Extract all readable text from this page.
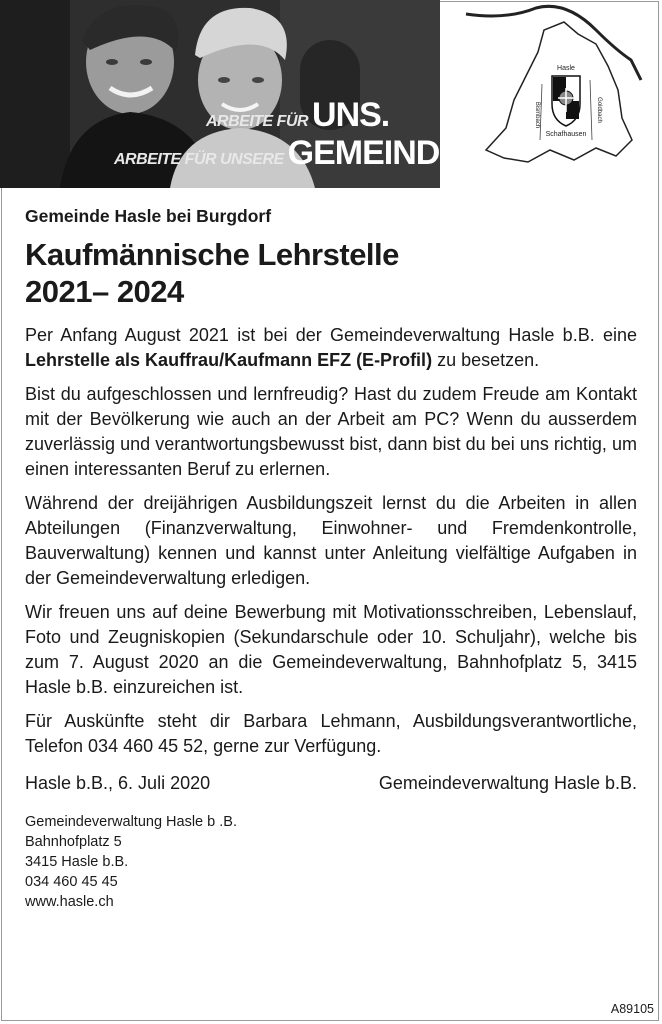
ARBEITE FÜR UNS.
ARBEITE FÜR UNSERE GEMEINDE.
Hasle
Bismbach	Goldbach
Schafhausen
Gemeinde Hasle bei Burgdorf
Kaufmännische Lehrstelle
2021– 2024

Per Anfang August 2021 ist bei der Gemeindeverwaltung Hasle b.B. eine Lehrstelle als Kauffrau/Kaufmann EFZ (E-Profil) zu besetzen.

Bist du aufgeschlossen und lernfreudig? Hast du zudem Freude am Kontakt mit der Bevölkerung wie auch an der Arbeit am PC? Wenn du ausserdem zuverlässig und verantwortungsbewusst bist, dann bist du bei uns richtig, um einen interessanten Beruf zu erlernen.

Während der dreijährigen Ausbildungszeit lernst du die Arbeiten in allen Abteilungen (Finanzverwaltung, Einwohner- und Fremdenkontrolle, Bauverwaltung) kennen und kannst unter Anleitung vielfältige Aufgaben in der Gemeindeverwaltung erledigen.

Wir freuen uns auf deine Bewerbung mit Motivationsschreiben, Lebenslauf, Foto und Zeugniskopien (Sekundarschule oder 10. Schuljahr), welche bis zum 7. August 2020 an die Gemeindeverwaltung, Bahnhofplatz 5, 3415 Hasle b.B. einzureichen ist.

Für Auskünfte steht dir Barbara Lehmann, Ausbildungsverantwortliche, Telefon 034 460 45 52, gerne zur Verfügung.

Hasle b.B., 6. Juli 2020	Gemeindeverwaltung Hasle b.B.
Gemeindeverwaltung Hasle b .B.
Bahnhofplatz 5
3415 Hasle b.B.
034 460 45 45
www.hasle.ch
A89105
